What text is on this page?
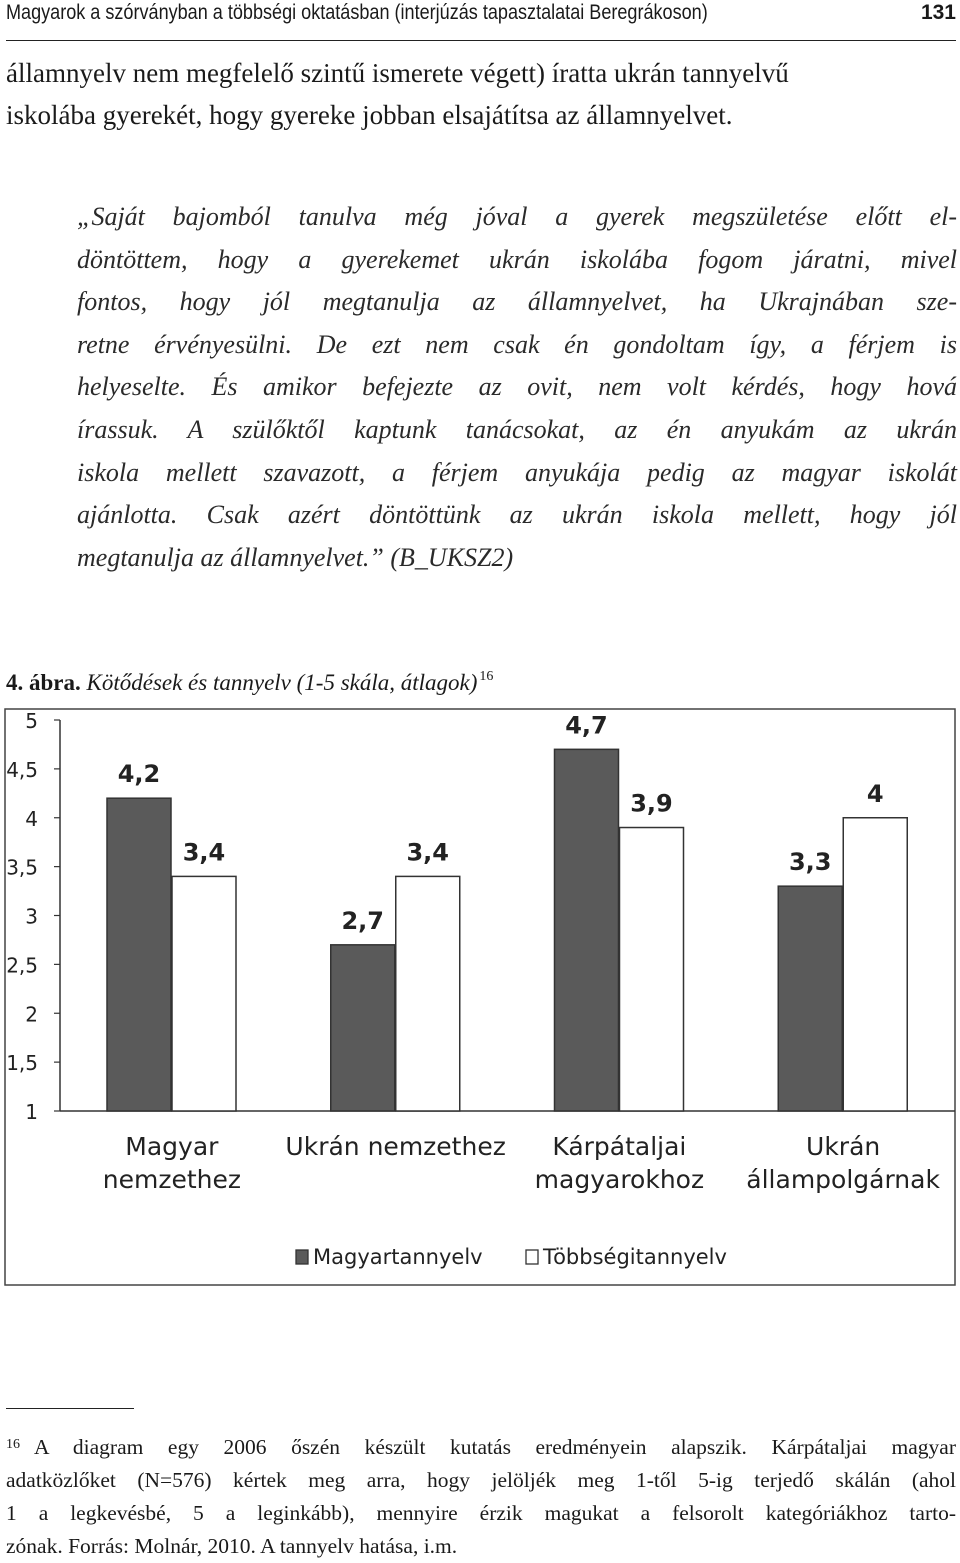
Magyarok a szórványban a többségi oktatásban (interjúzás tapasztalatai Beregrákoson)	131
államnyelv nem megfelelő szintű ismerete végett) íratta ukrán tannyelvű
iskolába gyerekét, hogy gyereke jobban elsajátítsa az államnyelvet.
„Saját bajomból tanulva még jóval a gyerek megszületése előtt el-
döntöttem, hogy a gyerekemet ukrán iskolába fogom járatni, mivel
fontos, hogy jól megtanulja az államnyelvet, ha Ukrajnában sze-
retne érvényesülni. De ezt nem csak én gondoltam így, a férjem is
helyeselte. És amikor befejezte az ovit, nem volt kérdés, hogy hová
írassuk. A szülőktől kaptunk tanácsokat, az én anyukám az ukrán
iskola mellett szavazott, a férjem anyukája pedig az magyar iskolát
ajánlotta. Csak azért döntöttünk az ukrán iskola mellett, hogy jól
megtanulja az államnyelvet.” (B_UKSZ2)
4. ábra. Kötődések és tannyelv (1-5 skála, átlagok) $^{16}$
1
1,5
2
2,5
3
3,5
4
4,5
5
4,2
3,4
Magyar
nemzethez
2,7
3,4
Ukrán nemzethez
4,7
3,9
Kárpátaljai
magyarokhoz
3,3
4
Ukrán
állampolgárnak
Magyartannyelv	Többségitannyelv
$^{16}$ A diagram egy 2006 őszén készült kutatás eredményein alapszik. Kárpátaljai magyar
adatközlőket (N=576) kértek meg arra, hogy jelöljék meg 1-től 5-ig terjedő skálán (ahol
1 a legkevésbé, 5 a leginkább), mennyire érzik magukat a felsorolt kategóriákhoz tarto-
zónak. Forrás: Molnár, 2010. A tannyelv hatása, i.m.
